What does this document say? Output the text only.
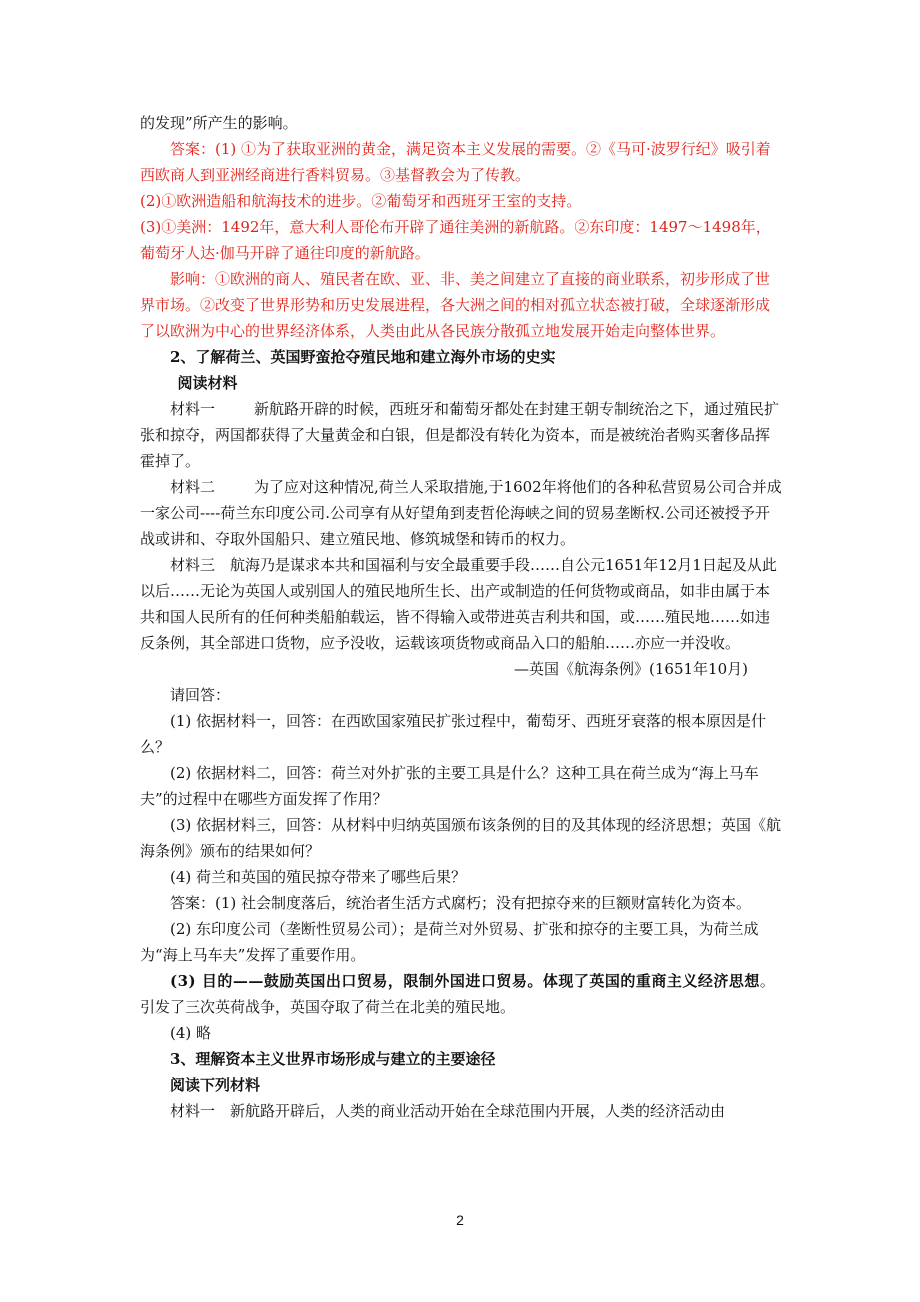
的发现”所产生的影响。

答案：(1) ①为了获取亚洲的黄金，满足资本主义发展的需要。②《马可·波罗行纪》吸引着西欧商人到亚洲经商进行香料贸易。③基督教会为了传教。

(2)①欧洲造船和航海技术的进步。②葡萄牙和西班牙王室的支持。

(3)①美洲：1492年，意大利人哥伦布开辟了通往美洲的新航路。②东印度：1497～1498年，葡萄牙人达·伽马开辟了通往印度的新航路。

影响：①欧洲的商人、殖民者在欧、亚、非、美之间建立了直接的商业联系，初步形成了世界市场。②改变了世界形势和历史发展进程，各大洲之间的相对孤立状态被打破，全球逐渐形成了以欧洲为中心的世界经济体系，人类由此从各民族分散孤立地发展开始走向整体世界。

2、了解荷兰、英国野蛮抢夺殖民地和建立海外市场的史实

阅读材料

材料一	新航路开辟的时候，西班牙和葡萄牙都处在封建王朝专制统治之下，通过殖民扩张和掠夺，两国都获得了大量黄金和白银，但是都没有转化为资本，而是被统治者购买奢侈品挥霍掉了。

材料二	为了应对这种情况,荷兰人采取措施,于1602年将他们的各种私营贸易公司合并成一家公司----荷兰东印度公司.公司享有从好望角到麦哲伦海峡之间的贸易垄断权.公司还被授予开战或讲和、夺取外国船只、建立殖民地、修筑城堡和铸币的权力。

材料三 航海乃是谋求本共和国福利与安全最重要手段……自公元1651年12月1日起及从此以后……无论为英国人或别国人的殖民地所生长、出产或制造的任何货物或商品，如非由属于本共和国人民所有的任何种类船舶载运，皆不得输入或带进英吉利共和国，或……殖民地……如违反条例，其全部进口货物，应予没收，运载该项货物或商品入口的船舶……亦应一并没收。

—英国《航海条例》(1651年10月)

请回答：

(1) 依据材料一，回答：在西欧国家殖民扩张过程中，葡萄牙、西班牙衰落的根本原因是什么？

(2) 依据材料二，回答：荷兰对外扩张的主要工具是什么？这种工具在荷兰成为“海上马车夫”的过程中在哪些方面发挥了作用？

(3) 依据材料三，回答：从材料中归纳英国颁布该条例的目的及其体现的经济思想；英国《航海条例》颁布的结果如何？

(4) 荷兰和英国的殖民掠夺带来了哪些后果？

答案：(1) 社会制度落后，统治者生活方式腐朽；没有把掠夺来的巨额财富转化为资本。

(2) 东印度公司（垄断性贸易公司）；是荷兰对外贸易、扩张和掠夺的主要工具，为荷兰成为“海上马车夫”发挥了重要作用。

(3) 目的——鼓励英国出口贸易，限制外国进口贸易。体现了英国的重商主义经济思想。引发了三次英荷战争，英国夺取了荷兰在北美的殖民地。

(4) 略

3、理解资本主义世界市场形成与建立的主要途径

阅读下列材料

材料一 新航路开辟后，人类的商业活动开始在全球范围内开展，人类的经济活动由

2
